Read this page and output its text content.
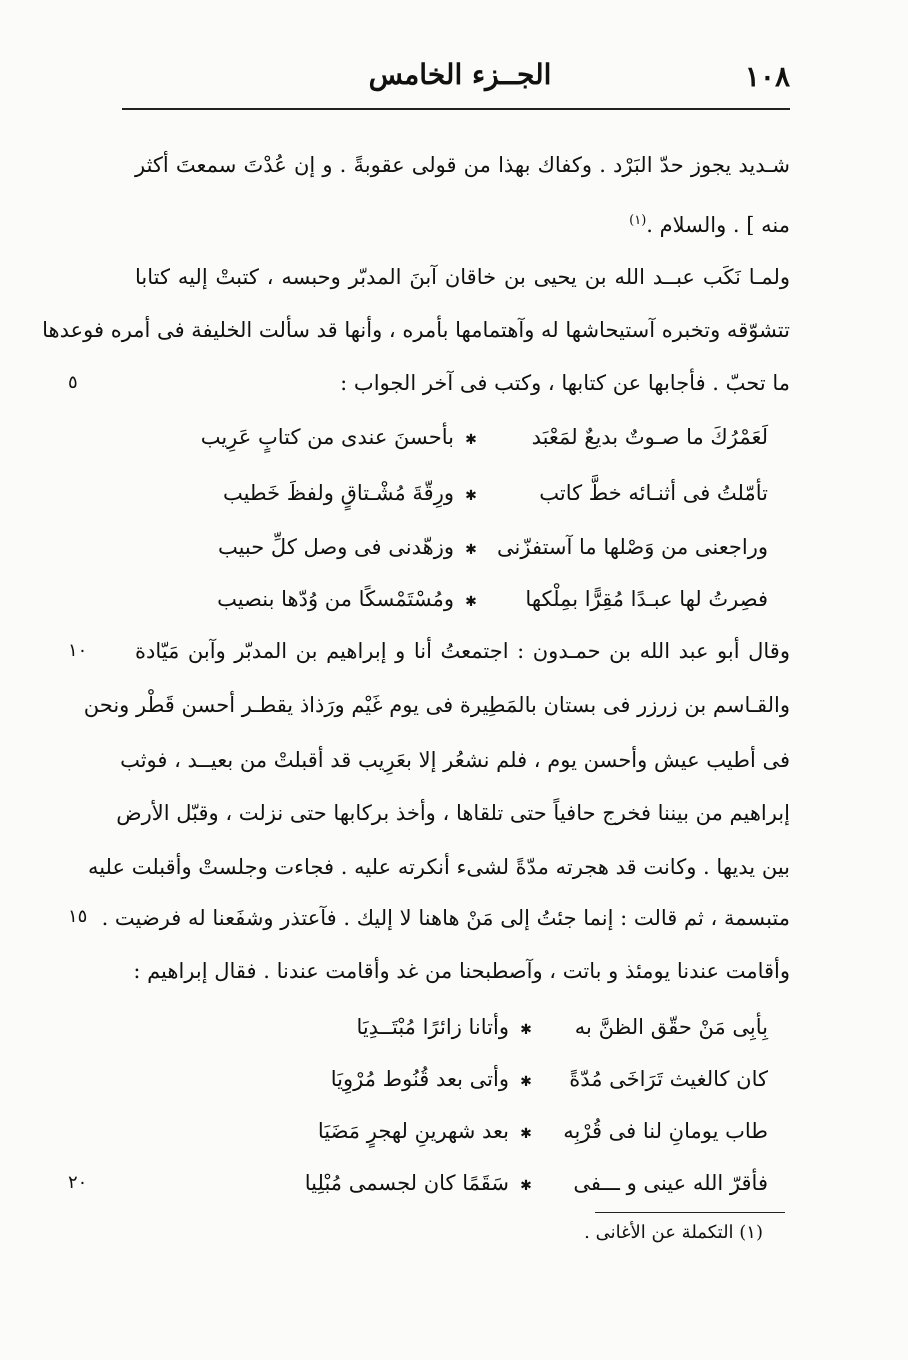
١٠٨
الجــزء الخامس
شـديد يجوز حدّ البَرْد . وكفاك بهذا من قولى عقوبةً . و إن عُدْتَ سمعتَ أكثر
منه ] . والسلام .$^{(١)}$
ولمـا نَكَب عبــد الله بن يحيى بن خاقان آبنَ المدبّر وحبسه ، كتبتْ إليه كتابا
تتشوّقه وتخبره آستيحاشها له وآهتمامها بأمره ، وأنها قد سألت الخليفة فى أمره فوعدها
ما تحبّ . فأجابها عن كتابها ، وكتب فى آخر الجواب :
٥
لَعَمْرُكَ ما صـوتٌ بديعٌ لمَعْبَد✱بأحسنَ عندى من كتابٍ عَرِيب
تأمّلتُ فى أثنـائه خطَّ كاتب✱ورِقّةَ مُشْـتاقٍ ولفظَ خَطيب
وراجعنى من وَصْلها ما آستفزّنى✱وزهّدنى فى وصل كلِّ حبيب
فصِرتُ لها عبـدًا مُقِرًّا بمِلْكها✱ومُسْتَمْسكًا من وُدّها بنصيب
وقال أبو عبد الله بن حمـدون : اجتمعتُ أنا و إبراهيم بن المدبّر وآبن مَيّادة
١٠
والقـاسم بن زرزر فى بستان بالمَطِيرة فى يوم غَيْم ورَذاذ يقطـر أحسن قَطْر ونحن
فى أطيب عيش وأحسن يوم ، فلم نشعُر إلا بعَرِيب قد أقبلتْ من بعيــد ، فوثب
إبراهيم من بيننا فخرج حافياً حتى تلقاها ، وأخذ بركابها حتى نزلت ، وقبّل الأرض
بين يديها . وكانت قد هجرته مدّةً لشىء أنكرته عليه . فجاءت وجلستْ وأقبلت عليه
متبسمة ، ثم قالت : إنما جئتُ إلى مَنْ هاهنا لا إليك . فآعتذر وشفَعنا له فرضيت .
١٥
وأقامت عندنا يومئذ و باتت ، وآصطبحنا من غد وأقامت عندنا . فقال إبراهيم :
بِأبِى مَنْ حقّق الظنَّ به✱وأتانا زائرًا مُبْتَــدِيَا
كان كالغيث تَرَاخَى مُدّةً✱وأتى بعد قُنُوط مُرْوِيَا
طاب يومانِ لنا فى قُرْبِه✱بعد شهرينِ لهجرٍ مَضَيَا
فأقرّ الله عينى و ـــفى✱سَقَمًا كان لجسمى مُبْلِيا
٢٠
(١) التكملة عن الأغانى .
